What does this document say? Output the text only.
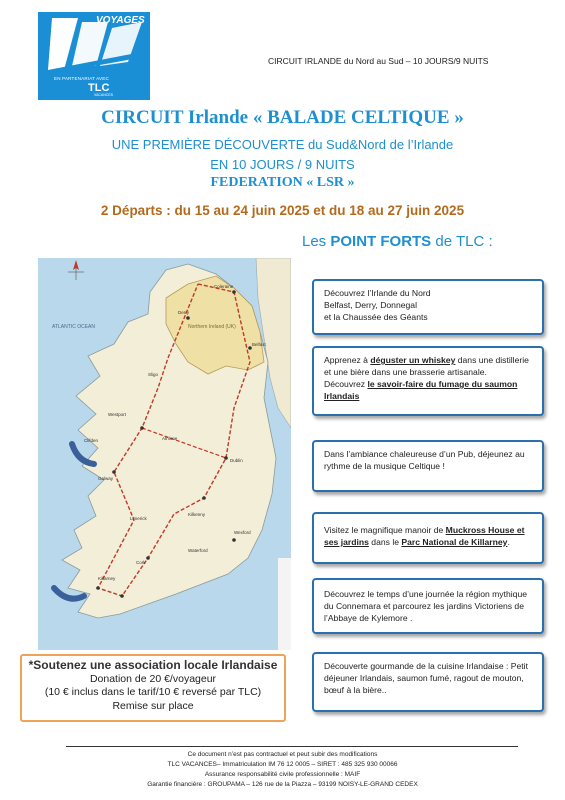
VOYAGES
EN PARTENARIAT AVEC
TLC
VACANCES
CIRCUIT IRLANDE du Nord au Sud – 10 JOURS/9 NUITS
CIRCUIT Irlande « BALADE CELTIQUE »
UNE PREMIÈRE DÉCOUVERTE du Sud&Nord de l’Irlande
EN 10 JOURS / 9 NUITS
FEDERATION « LSR »
2 Départs : du 15 au 24 juin 2025 et du 18 au 27 juin 2025
Les POINT FORTS de TLC :
Northern Ireland (UK)
ATLANTIC OCEAN
Coleraine
Belfast
Derry
Galway
Dublin
Limerick
Killarney
Cork
Sligo
Westport
Clifden	Athlone
Kilkenny
Waterford
Wexford
Découvrez l’Irlande du Nord
Belfast, Derry, Donnegal
et la Chaussée des Géants
Apprenez à déguster un whiskey dans une distillerie et une bière dans une brasserie artisanale.
Découvrez le savoir-faire du fumage du saumon Irlandais
Dans l’ambiance chaleureuse d’un Pub, déjeunez au rythme de la musique Celtique !
Visitez le magnifique manoir de Muckross House et ses jardins dans le Parc National de Killarney.
Découvrez le temps d’une journée la région mythique du Connemara et parcourez les jardins Victoriens de l’Abbaye de Kylemore .
Découverte gourmande de la cuisine Irlandaise : Petit déjeuner Irlandais, saumon fumé, ragout de mouton, bœuf à la bière..
*Soutenez une association locale Irlandaise
Donation de 20 €/voyageur
(10 € inclus dans le tarif/10 € reversé par TLC)
Remise sur place
Ce document n’est pas contractuel et peut subir des modifications
TLC VACANCES– Immatriculation IM 76 12 0005 – SIRET : 485 325 930 00066
Assurance responsabilité civile professionnelle : MAIF
Garantie financière : GROUPAMA – 126 rue de la Piazza – 93199 NOISY-LE-GRAND CEDEX
